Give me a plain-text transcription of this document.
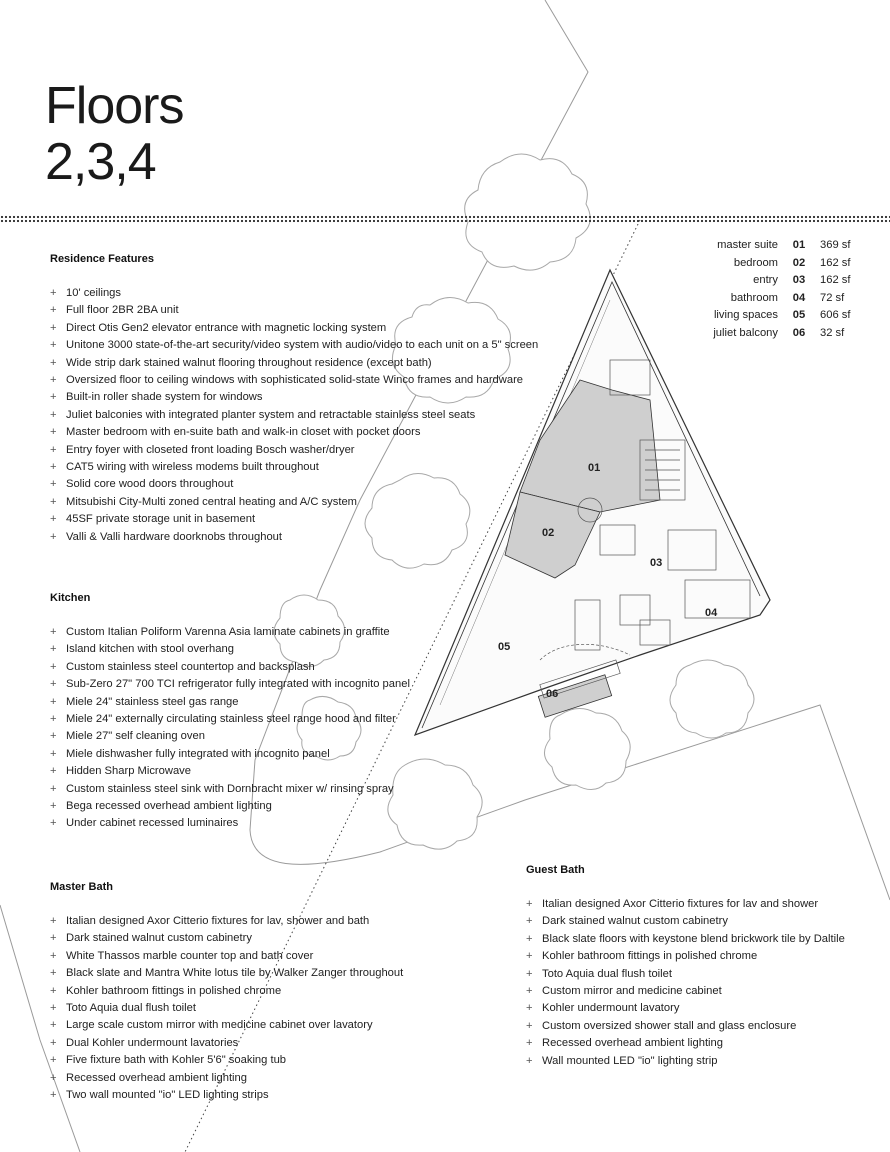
Floors
2,3,4
master suite	01	369 sf
bedroom	02	162 sf
entry	03	162 sf
bathroom	04	72 sf
living spaces	05	606 sf
juliet balcony	06	32 sf
01
02
03
04
05
06
Residence Features
+ 10' ceilings
+ Full floor 2BR 2BA unit
+ Direct Otis Gen2 elevator entrance with magnetic locking system
+ Unitone 3000 state-of-the-art security/video system with audio/video to each unit on a 5" screen
+ Wide strip dark stained walnut flooring throughout residence (except bath)
+ Oversized floor to ceiling windows with sophisticated solid-state Winco frames and hardware
+ Built-in roller shade system for windows
+ Juliet balconies with integrated planter system and retractable stainless steel seats
+ Master bedroom with en-suite bath and walk-in closet with pocket doors
+ Entry foyer with closeted front loading Bosch washer/dryer
+ CAT5 wiring with wireless modems built throughout
+ Solid core wood doors throughout
+ Mitsubishi City-Multi zoned central heating and A/C system
+ 45SF private storage unit in basement
+ Valli & Valli hardware doorknobs throughout
Kitchen
+ Custom Italian Poliform Varenna Asia laminate cabinets in graffite
+ Island kitchen with stool overhang
+ Custom stainless steel countertop and backsplash
+ Sub-Zero 27" 700 TCI refrigerator fully integrated with incognito panel
+ Miele 24" stainless steel gas range
+ Miele 24" externally circulating stainless steel range hood and filter
+ Miele 27" self cleaning oven
+ Miele dishwasher fully integrated with incognito panel
+ Hidden Sharp Microwave
+ Custom stainless steel sink with Dornbracht mixer w/ rinsing spray
+ Bega recessed overhead ambient lighting
+ Under cabinet recessed luminaires
Master Bath
+ Italian designed Axor Citterio fixtures for lav, shower and bath
+ Dark stained walnut custom cabinetry
+ White Thassos marble counter top and bath cover
+ Black slate and Mantra White lotus tile by Walker Zanger throughout
+ Kohler bathroom fittings in polished chrome
+ Toto Aquia dual flush toilet
+ Large scale custom mirror with medicine cabinet over lavatory
+ Dual Kohler undermount lavatories
+ Five fixture bath with Kohler 5'6" soaking tub
+ Recessed overhead ambient lighting
+ Two wall mounted "io" LED lighting strips
Guest Bath
+ Italian designed Axor Citterio fixtures for lav and shower
+ Dark stained walnut custom cabinetry
+ Black slate floors with keystone blend brickwork tile by Daltile
+ Kohler bathroom fittings in polished chrome
+ Toto Aquia dual flush toilet
+ Custom mirror and medicine cabinet
+ Kohler undermount lavatory
+ Custom oversized shower stall and glass enclosure
+ Recessed overhead ambient lighting
+ Wall mounted LED "io" lighting strip
